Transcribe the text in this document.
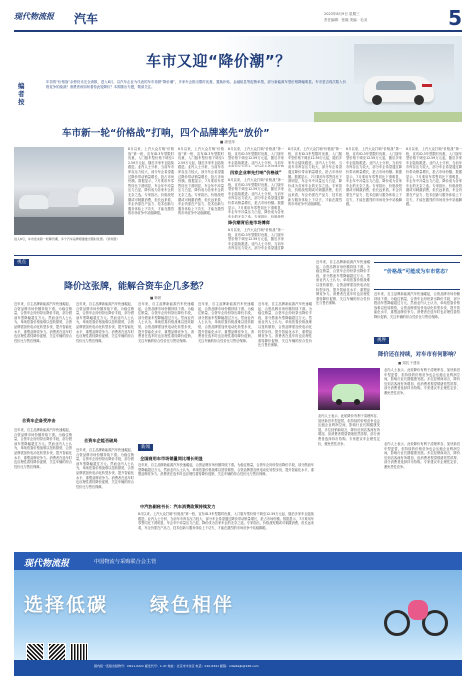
现代物流报 汽车	2023年8月9日 星期三
责任编辑：张晓 美编：毛羽	5
车市又迎“降价潮”？
编者按
年初的“价格战”余势仍未完全消散，进入8月，以汽车企业为代表的车市再掀“降价潮”，多家车企推出限时优惠、置换补贴、金融贴息等促销举措，部分新能源车型价格降幅明显。车市是否再次陷入价格竞争的漩涡？消费者该如何看待此轮降价？本期推出专题，敬请关注。
车市新一轮“价格战”打响，四个品牌率先“放价”
■ 唐莹萍
进入8月，车市迎来新一轮降价潮，多个汽车品牌相继推出限时优惠。（资料图）
8月以来，上汽大众打响“价格战”第一枪，宣布ID.3车型限时优惠，入门版车型价格下调至12.59万元起，随后多家车企陆续跟进。业内人士分析，当前车市库存压力较大，部分车企希望通过降价带动销量增长，抢占市场份额。数据显示，7月乘用车零售同比下滑明显，车企年中冲量压力凸显，降价成为各家车企的无奈之选。专家指出，价格战短期或可刺激消费，但长远来看，车企仍需在产品力、技术创新与服务体验上下功夫，才能在激烈的市场竞争中站稳脚跟。
8月以来，上汽大众打响“价格战”第一枪，宣布ID.3车型限时优惠，入门版车型价格下调至12.59万元起，随后多家车企陆续跟进。业内人士分析，当前车市库存压力较大，部分车企希望通过降价带动销量增长，抢占市场份额。数据显示，7月乘用车零售同比下滑明显，车企年中冲量压力凸显，降价成为各家车企的无奈之选。专家指出，价格战短期或可刺激消费，但长远来看，车企仍需在产品力、技术创新与服务体验上下功夫，才能在激烈的市场竞争中站稳脚跟。
四家企业率先打响“价格战”
8月以来，上汽大众打响“价格战”第一枪，宣布ID.3车型限时优惠，入门版车型价格下调至12.59万元起，随后多家车企陆续跟进。业内人士分析，当前车
8月以来，上汽大众打响“价格战”第一枪，宣布ID.3车型限时优惠，入门版车型价格下调至12.59万元起，随后多家车企陆续跟进。业内人士分析，当前车市库存压力较大，部分车企希望通过降价带动销量增长，抢占市场份额。数据显示，7月乘用车零售同比下滑明显，车企年中冲量压力凸显，降价成为各家车企的无奈之选。专家指出，价格战短
降价潮背后是市场博弈
8月以来，上汽大众打响“价格战”第一枪，宣布ID.3车型限时优惠，入门版车型价格下调至12.59万元起，随后多家车企陆续跟进。业内人士分析，当前车市库存压力较大，部分车企希望通过降
8月以来，上汽大众打响“价格战”第一枪，宣布ID.3车型限时优惠，入门版车型价格下调至12.59万元起，随后多家车企陆续跟进。业内人士分析，当前车市库存压力较大，部分车企希望通过降价带动销量增长，抢占市场份额。数据显示，7月乘用车零售同比下滑明显，车企年中冲量压力凸显，降价成为各家车企的无奈之选。专家指出，价格战短期或可刺激消费，但长远来看，车企仍需在产品力、技术创新与服务体验上下功夫，才能在激烈的市场竞争中站稳脚跟。
8月以来，上汽大众打响“价格战”第一枪，宣布ID.3车型限时优惠，入门版车型价格下调至12.59万元起，随后多家车企陆续跟进。业内人士分析，当前车市库存压力较大，部分车企希望通过降价带动销量增长，抢占市场份额。数据显示，7月乘用车零售同比下滑明显，车企年中冲量压力凸显，降价成为各家车企的无奈之选。专家指出，价格战短期或可刺激消费，但长远来看，车企仍需在产品力、技术创新与服务体验上下功夫，才能在激烈的市场竞争中站稳脚跟。
8月以来，上汽大众打响“价格战”第一枪，宣布ID.3车型限时优惠，入门版车型价格下调至12.59万元起，随后多家车企陆续跟进。业内人士分析，当前车市库存压力较大，部分车企希望通过降价带动销量增长，抢占市场份额。数据显示，7月乘用车零售同比下滑明显，车企年中冲量压力凸显，降价成为各家车企的无奈之选。专家指出，价格战短期或可刺激消费，但长远来看，车企仍需在产品力、技术创新与服务体验上下功夫，才能在激烈的市场竞争中站稳脚跟。
视点
降价这张牌，能解合资车企几多愁？
■ 韩妍
近年来，自主品牌新能源汽车快速崛起，合资品牌市场份额持续下滑。为稳住销量，合资车企纷纷祭出降价手段，部分燃油车型降幅超过万元。然而业内人士认为，单纯依靠价格战难以扭转颓势，合资品牌需加快电动化转型步伐，提升智能化水平，重塑品牌竞争力。消费者在选车时也应理性看待降价促销，关注车辆的综合性价比与售后保障。
合资车企备受冲击
近年来，自主品牌新能源汽车快速崛起，合资品牌市场份额持续下滑。为稳住销量，合资车企纷纷祭出降价手段，部分燃油车型降幅超过万元。然而业内人士认为，单纯依靠价格战难以扭转颓势，合资品牌需加快电动化转型步伐，提升智能化水平，重塑品牌竞争力。消费者在选车时也应理性看待降价促销，关注车辆的综合性价比与售后保障。
近年来，自主品牌新能源汽车快速崛起，合资品牌市场份额持续下滑。为稳住销量，合资车企纷纷祭出降价手段，部分燃油车型降幅超过万元。然而业内人士认为，单纯依靠价格战难以扭转颓势，合资品牌需加快电动化转型步伐，提升智能化水平，重塑品牌竞争力。消费者在选车时也应理性看待降价促销，关注车辆的综合性价比与售后保障。
合资车企能否破局
近年来，自主品牌新能源汽车快速崛起，合资品牌市场份额持续下滑。为稳住销量，合资车企纷纷祭出降价手段，部分燃油车型降幅超过万元。然而业内人士认为，单纯依靠价格战难以扭转颓势，合资品牌需加快电动化转型步伐，提升智能化水平，重塑品牌竞争力。消费者在选车时也应理性看待降价促销，关注车辆的综合性价比与售后保障。
近年来，自主品牌新能源汽车快速崛起，合资品牌市场份额持续下滑。为稳住销量，合资车企纷纷祭出降价手段，部分燃油车型降幅超过万元。然而业内人士认为，单纯依靠价格战难以扭转颓势，合资品牌需加快电动化转型步伐，提升智能化水平，重塑品牌竞争力。消费者在选车时也应理性看待降价促销，关注车辆的综合性价比与售后保障。
近年来，自主品牌新能源汽车快速崛起，合资品牌市场份额持续下滑。为稳住销量，合资车企纷纷祭出降价手段，部分燃油车型降幅超过万元。然而业内人士认为，单纯依靠价格战难以扭转颓势，合资品牌需加快电动化转型步伐，提升智能化水平，重塑品牌竞争力。消费者在选车时也应理性看待降价促销，关注车辆的综合性价比与售后保障。
近年来，自主品牌新能源汽车快速崛起，合资品牌市场份额持续下滑。为稳住销量，合资车企纷纷祭出降价手段，部分燃油车型降幅超过万元。然而业内人士认为，单纯依靠价格战难以扭转颓势，合资品牌需加快电动化转型步伐，提升智能化水平，重塑品牌竞争力。消费者在选车时也应理性看待降价促销，关注车辆的综合性价比与售后保障。
近年来，自主品牌新能源汽车快速崛起，合资品牌市场份额持续下滑。为稳住销量，合资车企纷纷祭出降价手段，部分燃油车型降幅超过万元。然而业内人士认为，单纯依靠价格战难以扭转颓势，合资品牌需加快电动化转型步伐，提升智能化水平，重塑品牌竞争力。消费者在选车时也应理性看待降价促销，关注车辆的综合性价比与售后保障。
“价格战”可能成为车市常态？
近年来，自主品牌新能源汽车快速崛起，合资品牌市场份额持续下滑。为稳住销量，合资车企纷纷祭出降价手段，部分燃油车型降幅超过万元。然而业内人士认为，单纯依靠价格战难以扭转颓势，合资品牌需加快电动化转型步伐，提升智能化水平，重塑品牌竞争力。消费者在选车时也应理性看待降价促销，关注车辆的综合性价比与售后保障。
视界
降价还在持续，对车市有何影响？
■ 刘凯 于建伟
业内人士表示，此轮降价有利于清理库存，加快新旧车型更替，但持续的价格竞争也会压缩企业利润空间，影响行业长期健康发展。多位经销商坦言，降价后到店客流有所增加，但消费者观望情绪依然浓厚，部分消费者选择持币待购。专家建议车企理性定价，避免恶性竞争。
业内人士表示，此轮降价有利于清理库存，加快新旧车型更替，但持续的价格竞争也会压缩企业利润空间，影响行业长期健康发展。多位经销商坦言，降价后到店客流有所增加，但消费者观望情绪依然浓厚，部分消费者选择持币待购。专家建议车企理性定价，避免恶性竞争。	业内人士表示，此轮降价有利于清理库存，加快新旧车型更替，但持续的价格竞争也会压缩企业利润空间，影响行业长期健康发展。多位经销商坦言，降价后到店客流有所增加，但消费者观望情绪依然浓厚，部分消费者选择持币待购。专家建议车企理性定价，避免恶性竞争。
新闻
全国商用车市场销量同比增长明显
近年来，自主品牌新能源汽车快速崛起，合资品牌市场份额持续下滑。为稳住销量，合资车企纷纷祭出降价手段，部分燃油车型降幅超过万元。然而业内人士认为，单纯依靠价格战难以扭转颓势，合资品牌需加快电动化转型步伐，提升智能化水平，重塑品牌竞争力。消费者在选车时也应理性看待降价促销，关注车辆的综合性价比与售后保障。
中汽协副秘书长：汽车消费政策持续发力
8月以来，上汽大众打响“价格战”第一枪，宣布ID.3车型限时优惠，入门版车型价格下调至12.59万元起，随后多家车企陆续跟进。业内人士分析，当前车市库存压力较大，部分车企希望通过降价带动销量增长，抢占市场份额。数据显示，7月乘用车零售同比下滑明显，车企年中冲量压力凸显，降价成为各家车企的无奈之选。专家指出，价格战短期或可刺激消费，但长远来看，车企仍需在产品力、技术创新与服务体验上下功夫，才能在激烈的市场竞争中站稳脚跟。
现代物流报	中国物流与采购联合会主管
选择低碳 绿色相伴
国内统一连续出版物号：CN11-0221 邮发代号：1-47 地址：北京市丰台区 电话：010-6341 邮箱：xdwlbbjb@126.com
